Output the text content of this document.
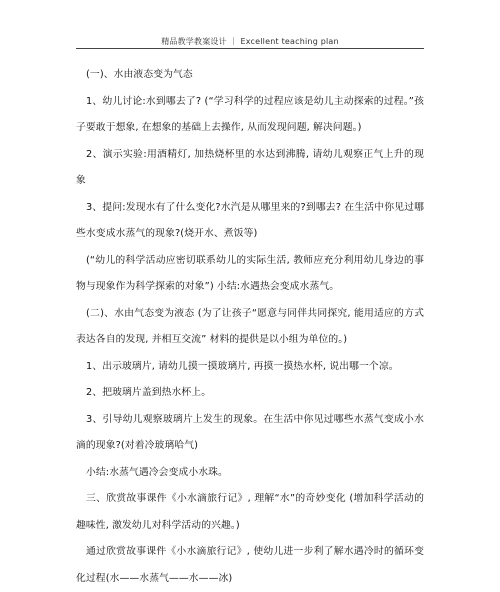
精品教学教案设计 ｜ Excellent teaching plan

(一)、水由液态变为气态

1、幼儿讨论:水到哪去了? (“学习科学的过程应该是幼儿主动探索的过程。”孩子要敢于想象, 在想象的基础上去操作, 从而发现问题, 解决问题。)

2、演示实验:用酒精灯, 加热烧杯里的水达到沸腾, 请幼儿观察正气上升的现象

3、提问:发现水有了什么变化?水汽是从哪里来的?到哪去? 在生活中你见过哪些水变成水蒸气的现象?(烧开水、煮饭等)

(“幼儿的科学活动应密切联系幼儿的实际生活, 教师应充分利用幼儿身边的事物与现象作为科学探索的对象”) 小结:水遇热会变成水蒸气。

(二)、水由气态变为液态 (为了让孩子“愿意与同伴共同探究, 能用适应的方式表达各自的发现, 并相互交流” 材料的提供是以小组为单位的。)

1、出示玻璃片, 请幼儿摸一摸玻璃片, 再摸一摸热水杯, 说出哪一个凉。

2、把玻璃片盖到热水杯上。

3、引导幼儿观察玻璃片上发生的现象。在生活中你见过哪些水蒸气变成小水滴的现象?(对着冷玻璃哈气)

小结:水蒸气遇冷会变成小水珠。

三、欣赏故事课件《小水滴旅行记》, 理解“水”的奇妙变化 (增加科学活动的趣味性, 激发幼儿对科学活动的兴趣。)

通过欣赏故事课件《小水滴旅行记》, 使幼儿进一步利了解水遇冷时的循环变化过程(水——水蒸气——水——冰)
